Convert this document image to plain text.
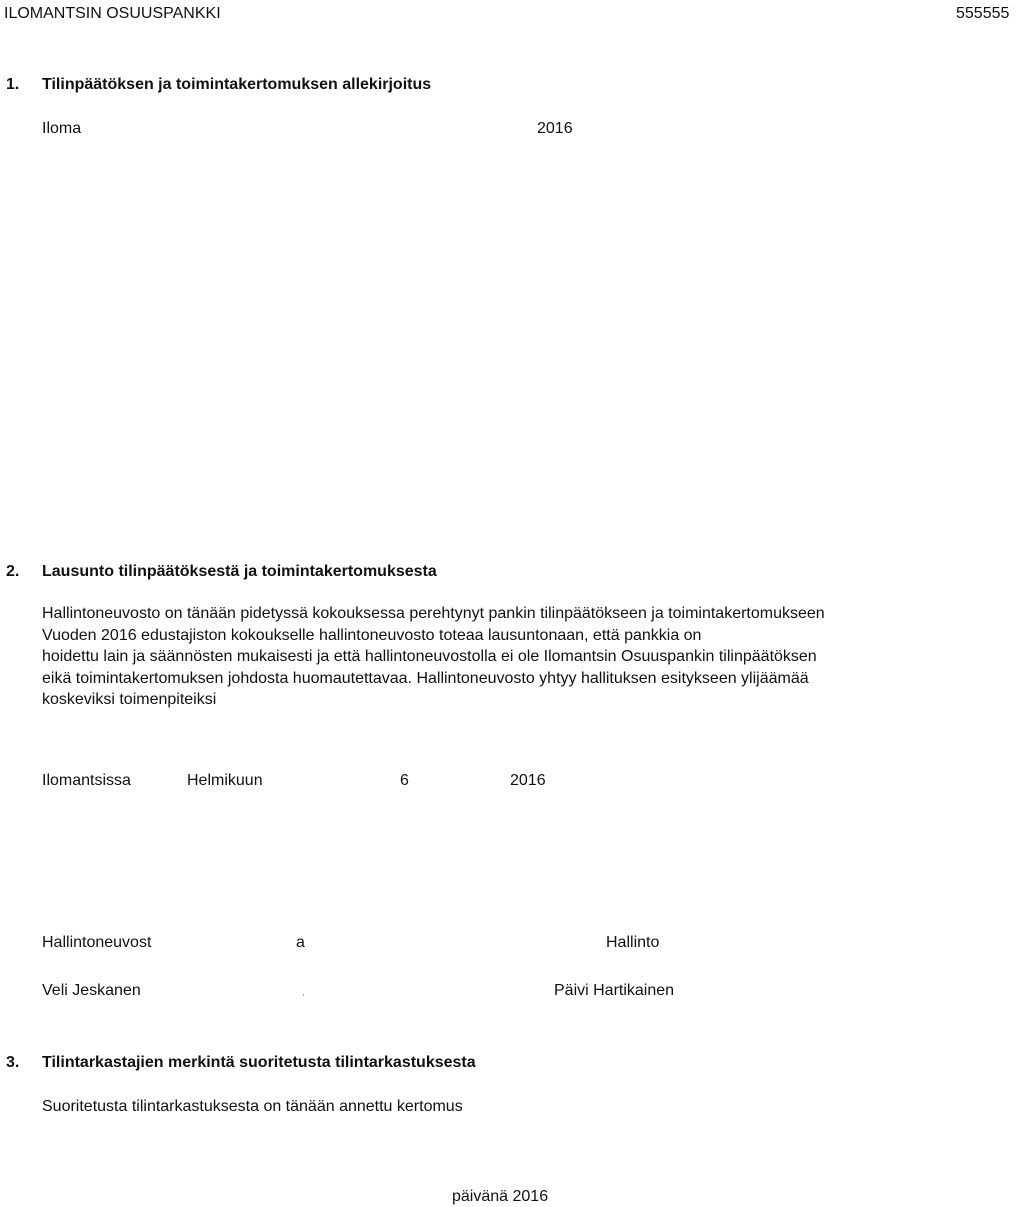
ILOMANTSIN OSUUSPANKKI	555555
1. Tilinpäätöksen ja toimintakertomuksen allekirjoitus
Iloma	2016
2. Lausunto tilinpäätöksestä ja toimintakertomuksesta
Hallintoneuvosto on tänään pidetyssä kokouksessa perehtynyt pankin tilinpäätökseen ja toimintakertomukseen
Vuoden 2016 edustajiston kokoukselle hallintoneuvosto toteaa lausuntonaan, että pankkia on
hoidettu lain ja säännösten mukaisesti ja että hallintoneuvostolla ei ole Ilomantsin Osuuspankin tilinpäätöksen
eikä toimintakertomuksen johdosta huomautettavaa. Hallintoneuvosto yhtyy hallituksen esitykseen ylijäämää
koskeviksi toimenpiteiksi
Ilomantsissa	Helmikuun	6	2016
Hallintoneuvost	a	Hallinto
Veli Jeskanen	,	Päivi Hartikainen
3. Tilintarkastajien merkintä suoritetusta tilintarkastuksesta
Suoritetusta tilintarkastuksesta on tänään annettu kertomus
päivänä 2016
